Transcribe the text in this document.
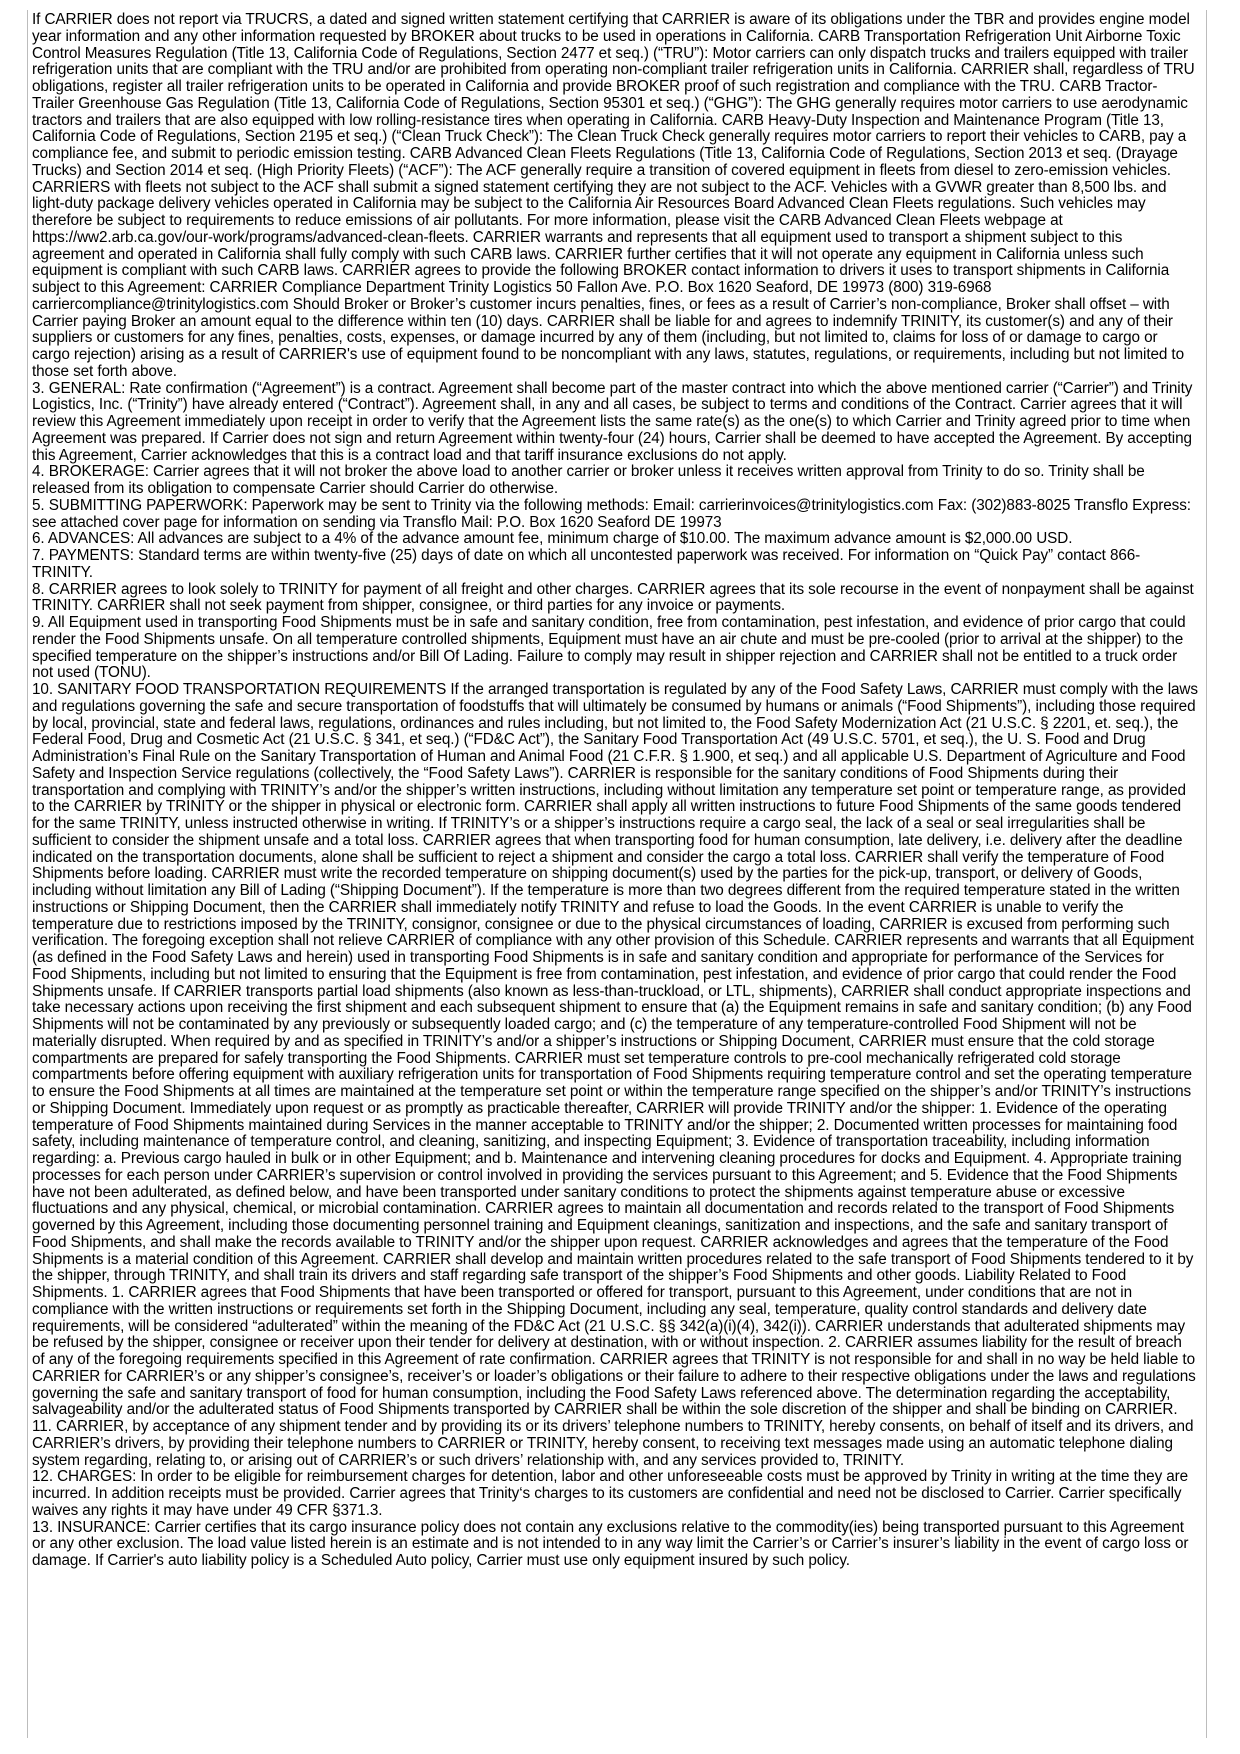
If CARRIER does not report via TRUCRS, a dated and signed written statement certifying that CARRIER is aware of its obligations under the TBR and provides engine model year information and any other information requested by BROKER about trucks to be used in operations in California. CARB Transportation Refrigeration Unit Airborne Toxic Control Measures Regulation (Title 13, California Code of Regulations, Section 2477 et seq.) (“TRU”): Motor carriers can only dispatch trucks and trailers equipped with trailer refrigeration units that are compliant with the TRU and/or are prohibited from operating non-compliant trailer refrigeration units in California. CARRIER shall, regardless of TRU obligations, register all trailer refrigeration units to be operated in California and provide BROKER proof of such registration and compliance with the TRU. CARB Tractor-Trailer Greenhouse Gas Regulation (Title 13, California Code of Regulations, Section 95301 et seq.) (“GHG”): The GHG generally requires motor carriers to use aerodynamic tractors and trailers that are also equipped with low rolling-resistance tires when operating in California. CARB Heavy-Duty Inspection and Maintenance Program (Title 13, California Code of Regulations, Section 2195 et seq.) (“Clean Truck Check”): The Clean Truck Check generally requires motor carriers to report their vehicles to CARB, pay a compliance fee, and submit to periodic emission testing. CARB Advanced Clean Fleets Regulations (Title 13, California Code of Regulations, Section 2013 et seq. (Drayage Trucks) and Section 2014 et seq. (High Priority Fleets) (“ACF”): The ACF generally require a transition of covered equipment in fleets from diesel to zero-emission vehicles. CARRIERS with fleets not subject to the ACF shall submit a signed statement certifying they are not subject to the ACF. Vehicles with a GVWR greater than 8,500 lbs. and light-duty package delivery vehicles operated in California may be subject to the California Air Resources Board Advanced Clean Fleets regulations. Such vehicles may therefore be subject to requirements to reduce emissions of air pollutants. For more information, please visit the CARB Advanced Clean Fleets webpage at https://ww2.arb.ca.gov/our-work/programs/advanced-clean-fleets. CARRIER warrants and represents that all equipment used to transport a shipment subject to this agreement and operated in California shall fully comply with such CARB laws. CARRIER further certifies that it will not operate any equipment in California unless such equipment is compliant with such CARB laws. CARRIER agrees to provide the following BROKER contact information to drivers it uses to transport shipments in California subject to this Agreement: CARRIER Compliance Department Trinity Logistics 50 Fallon Ave. P.O. Box 1620 Seaford, DE 19973 (800) 319-6968 carriercompliance@trinitylogistics.com Should Broker or Broker’s customer incurs penalties, fines, or fees as a result of Carrier’s non-compliance, Broker shall offset – with Carrier paying Broker an amount equal to the difference within ten (10) days. CARRIER shall be liable for and agrees to indemnify TRINITY, its customer(s) and any of their suppliers or customers for any fines, penalties, costs, expenses, or damage incurred by any of them (including, but not limited to, claims for loss of or damage to cargo or cargo rejection) arising as a result of CARRIER's use of equipment found to be noncompliant with any laws, statutes, regulations, or requirements, including but not limited to those set forth above.

3. GENERAL: Rate confirmation (“Agreement”) is a contract. Agreement shall become part of the master contract into which the above mentioned carrier (“Carrier”) and Trinity Logistics, Inc. (“Trinity”) have already entered (“Contract”). Agreement shall, in any and all cases, be subject to terms and conditions of the Contract. Carrier agrees that it will review this Agreement immediately upon receipt in order to verify that the Agreement lists the same rate(s) as the one(s) to which Carrier and Trinity agreed prior to time when Agreement was prepared. If Carrier does not sign and return Agreement within twenty-four (24) hours, Carrier shall be deemed to have accepted the Agreement. By accepting this Agreement, Carrier acknowledges that this is a contract load and that tariff insurance exclusions do not apply.

4. BROKERAGE: Carrier agrees that it will not broker the above load to another carrier or broker unless it receives written approval from Trinity to do so. Trinity shall be released from its obligation to compensate Carrier should Carrier do otherwise.

5. SUBMITTING PAPERWORK: Paperwork may be sent to Trinity via the following methods: Email: carrierinvoices@trinitylogistics.com Fax: (302)883-8025 Transflo Express: see attached cover page for information on sending via Transflo Mail: P.O. Box 1620 Seaford DE 19973

6. ADVANCES: All advances are subject to a 4% of the advance amount fee, minimum charge of $10.00. The maximum advance amount is $2,000.00 USD.

7. PAYMENTS: Standard terms are within twenty-five (25) days of date on which all uncontested paperwork was received. For information on “Quick Pay” contact 866-TRINITY.

8. CARRIER agrees to look solely to TRINITY for payment of all freight and other charges. CARRIER agrees that its sole recourse in the event of nonpayment shall be against TRINITY. CARRIER shall not seek payment from shipper, consignee, or third parties for any invoice or payments.

9. All Equipment used in transporting Food Shipments must be in safe and sanitary condition, free from contamination, pest infestation, and evidence of prior cargo that could render the Food Shipments unsafe. On all temperature controlled shipments, Equipment must have an air chute and must be pre-cooled (prior to arrival at the shipper) to the specified temperature on the shipper’s instructions and/or Bill Of Lading. Failure to comply may result in shipper rejection and CARRIER shall not be entitled to a truck order not used (TONU).

10. SANITARY FOOD TRANSPORTATION REQUIREMENTS If the arranged transportation is regulated by any of the Food Safety Laws, CARRIER must comply with the laws and regulations governing the safe and secure transportation of foodstuffs that will ultimately be consumed by humans or animals (“Food Shipments”), including those required by local, provincial, state and federal laws, regulations, ordinances and rules including, but not limited to, the Food Safety Modernization Act (21 U.S.C. § 2201, et. seq.), the Federal Food, Drug and Cosmetic Act (21 U.S.C. § 341, et seq.) (“FD&C Act”), the Sanitary Food Transportation Act (49 U.S.C. 5701, et seq.), the U. S. Food and Drug Administration’s Final Rule on the Sanitary Transportation of Human and Animal Food (21 C.F.R. § 1.900, et seq.) and all applicable U.S. Department of Agriculture and Food Safety and Inspection Service regulations (collectively, the “Food Safety Laws”). CARRIER is responsible for the sanitary conditions of Food Shipments during their transportation and complying with TRINITY’s and/or the shipper’s written instructions, including without limitation any temperature set point or temperature range, as provided to the CARRIER by TRINITY or the shipper in physical or electronic form. CARRIER shall apply all written instructions to future Food Shipments of the same goods tendered for the same TRINITY, unless instructed otherwise in writing. If TRINITY’s or a shipper’s instructions require a cargo seal, the lack of a seal or seal irregularities shall be sufficient to consider the shipment unsafe and a total loss. CARRIER agrees that when transporting food for human consumption, late delivery, i.e. delivery after the deadline indicated on the transportation documents, alone shall be sufficient to reject a shipment and consider the cargo a total loss. CARRIER shall verify the temperature of Food Shipments before loading. CARRIER must write the recorded temperature on shipping document(s) used by the parties for the pick-up, transport, or delivery of Goods, including without limitation any Bill of Lading (“Shipping Document”). If the temperature is more than two degrees different from the required temperature stated in the written instructions or Shipping Document, then the CARRIER shall immediately notify TRINITY and refuse to load the Goods. In the event CARRIER is unable to verify the temperature due to restrictions imposed by the TRINITY, consignor, consignee or due to the physical circumstances of loading, CARRIER is excused from performing such verification. The foregoing exception shall not relieve CARRIER of compliance with any other provision of this Schedule. CARRIER represents and warrants that all Equipment (as defined in the Food Safety Laws and herein) used in transporting Food Shipments is in safe and sanitary condition and appropriate for performance of the Services for Food Shipments, including but not limited to ensuring that the Equipment is free from contamination, pest infestation, and evidence of prior cargo that could render the Food Shipments unsafe. If CARRIER transports partial load shipments (also known as less-than-truckload, or LTL, shipments), CARRIER shall conduct appropriate inspections and take necessary actions upon receiving the first shipment and each subsequent shipment to ensure that (a) the Equipment remains in safe and sanitary condition; (b) any Food Shipments will not be contaminated by any previously or subsequently loaded cargo; and (c) the temperature of any temperature-controlled Food Shipment will not be materially disrupted. When required by and as specified in TRINITY’s and/or a shipper’s instructions or Shipping Document, CARRIER must ensure that the cold storage compartments are prepared for safely transporting the Food Shipments. CARRIER must set temperature controls to pre-cool mechanically refrigerated cold storage compartments before offering equipment with auxiliary refrigeration units for transportation of Food Shipments requiring temperature control and set the operating temperature to ensure the Food Shipments at all times are maintained at the temperature set point or within the temperature range specified on the shipper’s and/or TRINITY’s instructions or Shipping Document. Immediately upon request or as promptly as practicable thereafter, CARRIER will provide TRINITY and/or the shipper: 1. Evidence of the operating temperature of Food Shipments maintained during Services in the manner acceptable to TRINITY and/or the shipper; 2. Documented written processes for maintaining food safety, including maintenance of temperature control, and cleaning, sanitizing, and inspecting Equipment; 3. Evidence of transportation traceability, including information regarding: a. Previous cargo hauled in bulk or in other Equipment; and b. Maintenance and intervening cleaning procedures for docks and Equipment. 4. Appropriate training processes for each person under CARRIER’s supervision or control involved in providing the services pursuant to this Agreement; and 5. Evidence that the Food Shipments have not been adulterated, as defined below, and have been transported under sanitary conditions to protect the shipments against temperature abuse or excessive fluctuations and any physical, chemical, or microbial contamination. CARRIER agrees to maintain all documentation and records related to the transport of Food Shipments governed by this Agreement, including those documenting personnel training and Equipment cleanings, sanitization and inspections, and the safe and sanitary transport of Food Shipments, and shall make the records available to TRINITY and/or the shipper upon request. CARRIER acknowledges and agrees that the temperature of the Food Shipments is a material condition of this Agreement. CARRIER shall develop and maintain written procedures related to the safe transport of Food Shipments tendered to it by the shipper, through TRINITY, and shall train its drivers and staff regarding safe transport of the shipper’s Food Shipments and other goods. Liability Related to Food Shipments. 1. CARRIER agrees that Food Shipments that have been transported or offered for transport, pursuant to this Agreement, under conditions that are not in compliance with the written instructions or requirements set forth in the Shipping Document, including any seal, temperature, quality control standards and delivery date requirements, will be considered “adulterated” within the meaning of the FD&C Act (21 U.S.C. §§ 342(a)(i)(4), 342(i)). CARRIER understands that adulterated shipments may be refused by the shipper, consignee or receiver upon their tender for delivery at destination, with or without inspection. 2. CARRIER assumes liability for the result of breach of any of the foregoing requirements specified in this Agreement of rate confirmation. CARRIER agrees that TRINITY is not responsible for and shall in no way be held liable to CARRIER for CARRIER’s or any shipper’s consignee’s, receiver’s or loader’s obligations or their failure to adhere to their respective obligations under the laws and regulations governing the safe and sanitary transport of food for human consumption, including the Food Safety Laws referenced above. The determination regarding the acceptability, salvageability and/or the adulterated status of Food Shipments transported by CARRIER shall be within the sole discretion of the shipper and shall be binding on CARRIER.

11. CARRIER, by acceptance of any shipment tender and by providing its or its drivers’ telephone numbers to TRINITY, hereby consents, on behalf of itself and its drivers, and CARRIER’s drivers, by providing their telephone numbers to CARRIER or TRINITY, hereby consent, to receiving text messages made using an automatic telephone dialing system regarding, relating to, or arising out of CARRIER’s or such drivers’ relationship with, and any services provided to, TRINITY.

12. CHARGES: In order to be eligible for reimbursement charges for detention, labor and other unforeseeable costs must be approved by Trinity in writing at the time they are incurred. In addition receipts must be provided. Carrier agrees that Trinity‘s charges to its customers are confidential and need not be disclosed to Carrier. Carrier specifically waives any rights it may have under 49 CFR §371.3.

13. INSURANCE: Carrier certifies that its cargo insurance policy does not contain any exclusions relative to the commodity(ies) being transported pursuant to this Agreement or any other exclusion. The load value listed herein is an estimate and is not intended to in any way limit the Carrier’s or Carrier’s insurer’s liability in the event of cargo loss or damage. If Carrier's auto liability policy is a Scheduled Auto policy, Carrier must use only equipment insured by such policy.
